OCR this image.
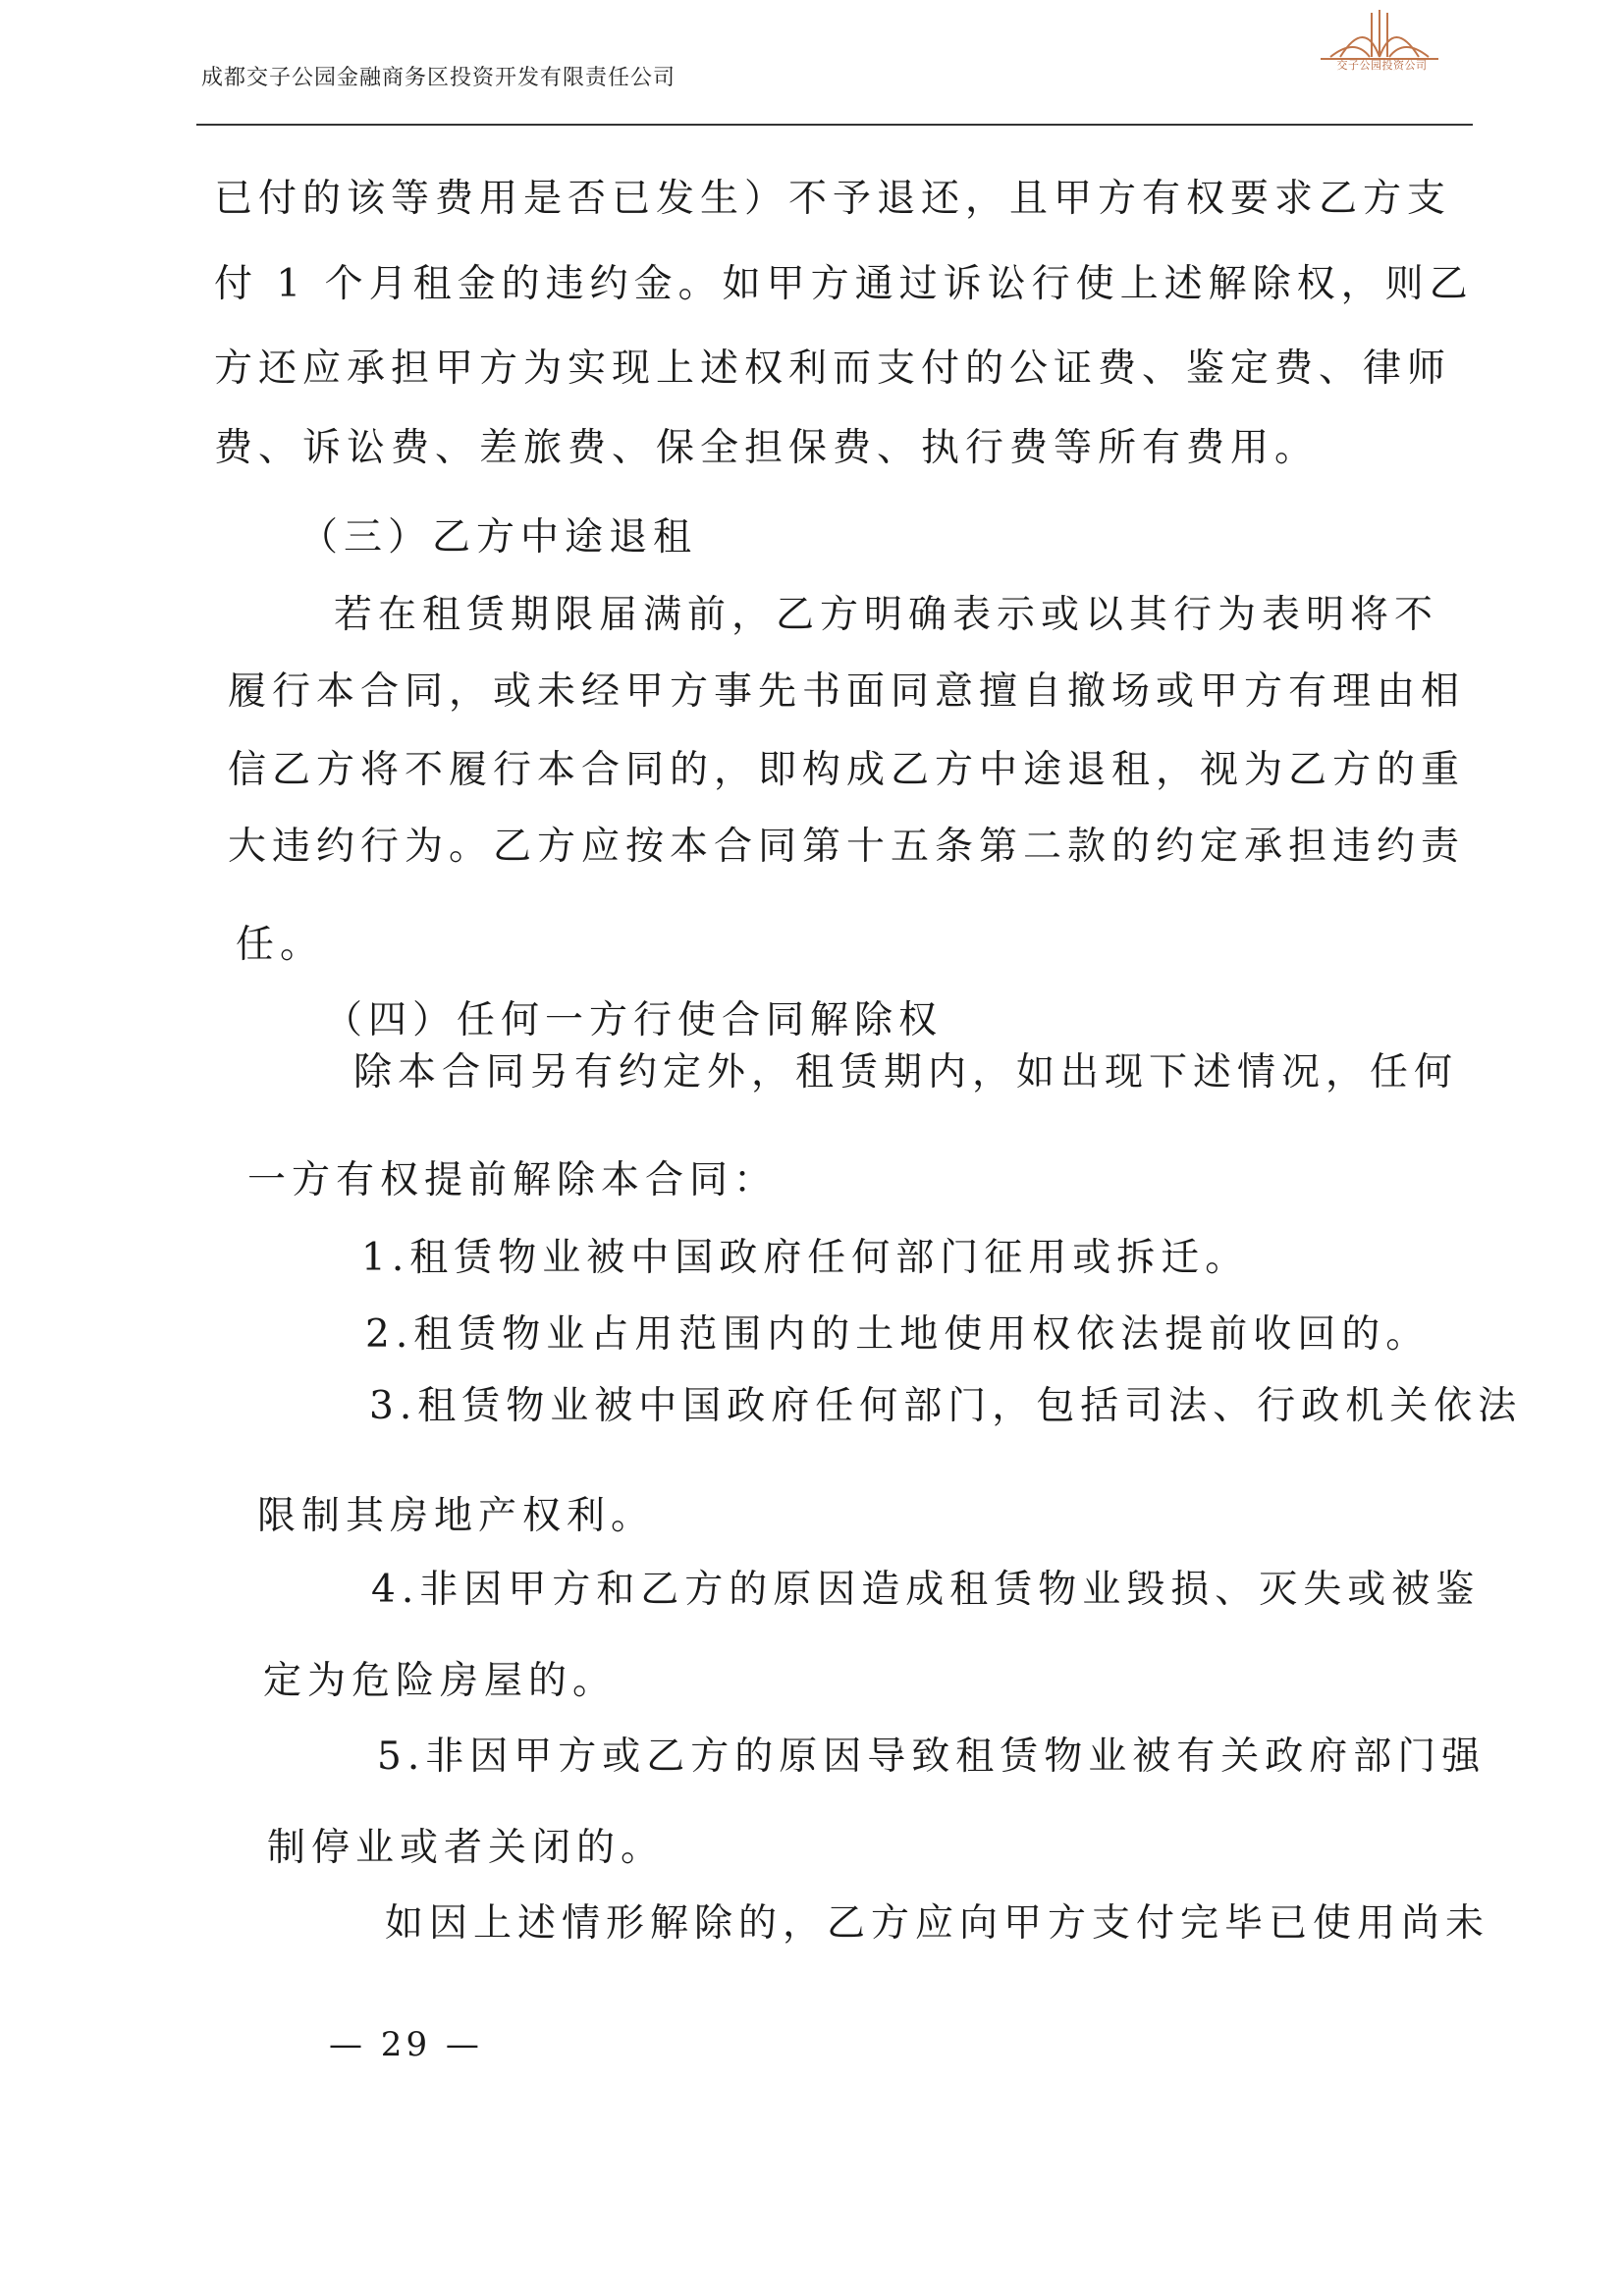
成都交子公园金融商务区投资开发有限责任公司
交子公园投资公司
已付的该等费用是否已发生）不予退还，且甲方有权要求乙方支
付 1 个月租金的违约金。如甲方通过诉讼行使上述解除权，则乙
方还应承担甲方为实现上述权利而支付的公证费、鉴定费、律师
费、诉讼费、差旅费、保全担保费、执行费等所有费用。
（三）乙方中途退租
若在租赁期限届满前，乙方明确表示或以其行为表明将不
履行本合同，或未经甲方事先书面同意擅自撤场或甲方有理由相
信乙方将不履行本合同的，即构成乙方中途退租，视为乙方的重
大违约行为。乙方应按本合同第十五条第二款的约定承担违约责
任。
（四）任何一方行使合同解除权
除本合同另有约定外，租赁期内，如出现下述情况，任何
一方有权提前解除本合同：
1.租赁物业被中国政府任何部门征用或拆迁。
2.租赁物业占用范围内的土地使用权依法提前收回的。
3.租赁物业被中国政府任何部门，包括司法、行政机关依法
限制其房地产权利。
4.非因甲方和乙方的原因造成租赁物业毁损、灭失或被鉴
定为危险房屋的。
5.非因甲方或乙方的原因导致租赁物业被有关政府部门强
制停业或者关闭的。
如因上述情形解除的，乙方应向甲方支付完毕已使用尚未
— 29 —
